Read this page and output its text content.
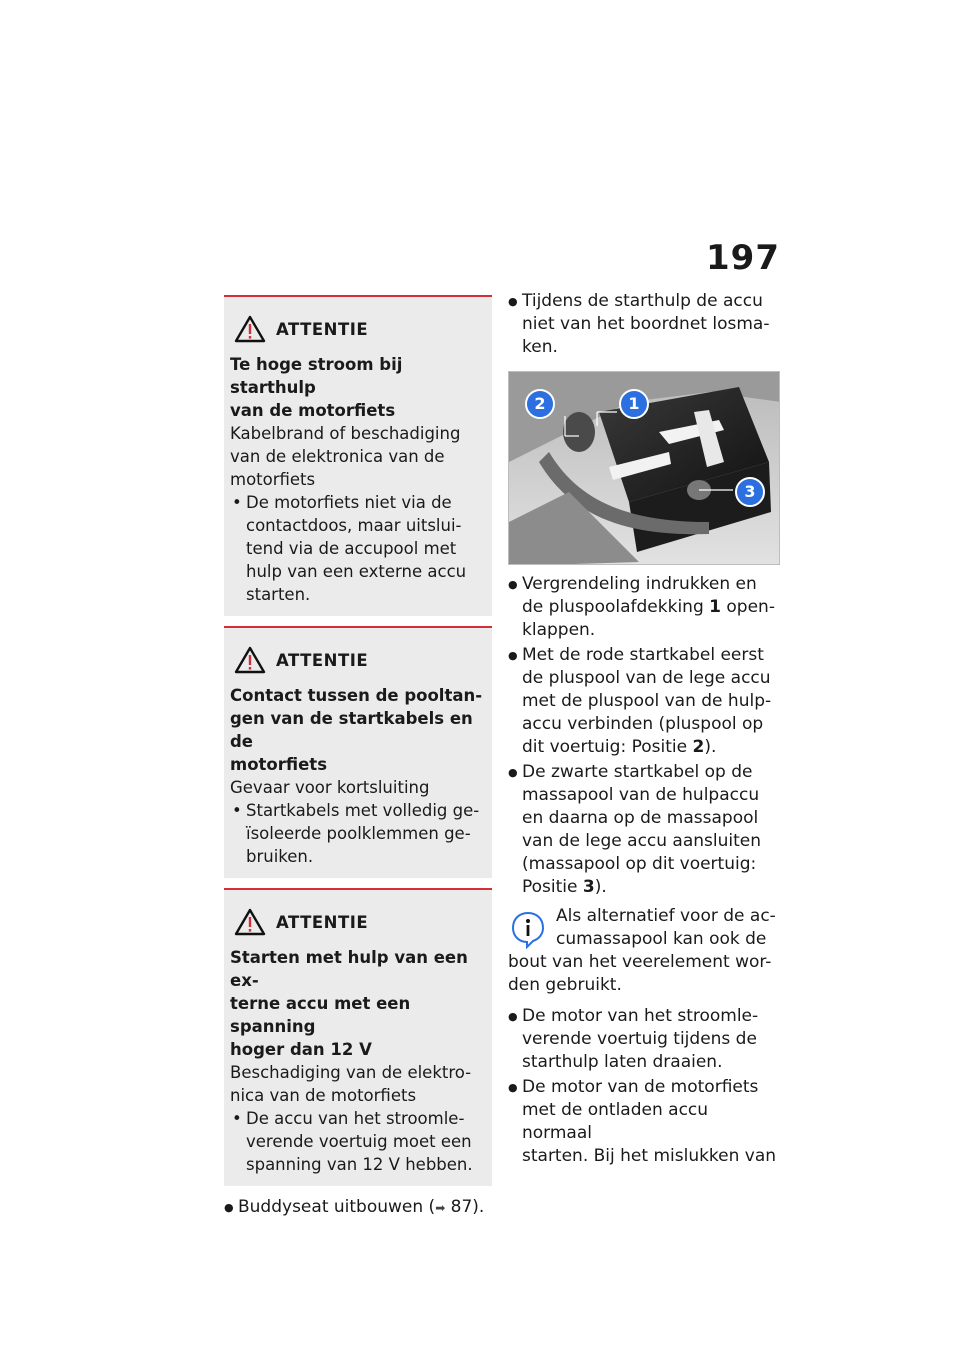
197
ATTENTIE
Te hoge stroom bij starthulp
van de motorfiets
Kabelbrand of beschadiging
van de elektronica van de
motorfiets
• De motorfiets niet via de
contactdoos, maar uitslui-
tend via de accupool met
hulp van een externe accu
starten.
ATTENTIE
Contact tussen de pooltan-
gen van de startkabels en de
motorfiets
Gevaar voor kortsluiting
• Startkabels met volledig ge-
ïsoleerde poolklemmen ge-
bruiken.
ATTENTIE
Starten met hulp van een ex-
terne accu met een spanning
hoger dan 12 V
Beschadiging van de elektro-
nica van de motorfiets
• De accu van het stroomle-
verende voertuig moet een
spanning van 12 V hebben.
● Buddyseat uitbouwen (➡ 87).
● Tijdens de starthulp de accu
niet van het boordnet losma-
ken.
1
2
3
● Vergrendeling indrukken en
de pluspoolafdekking 1 open-
klappen.
● Met de rode startkabel eerst
de pluspool van de lege accu
met de pluspool van de hulp-
accu verbinden (pluspool op
dit voertuig: Positie 2).
● De zwarte startkabel op de
massapool van de hulpaccu
en daarna op de massapool
van de lege accu aansluiten
(massapool op dit voertuig:
Positie 3).
Als alternatief voor de ac-
cumassapool kan ook de
bout van het veerelement wor-
den gebruikt.
● De motor van het stroomle-
verende voertuig tijdens de
starthulp laten draaien.
● De motor van de motorfiets
met de ontladen accu normaal
starten. Bij het mislukken van
